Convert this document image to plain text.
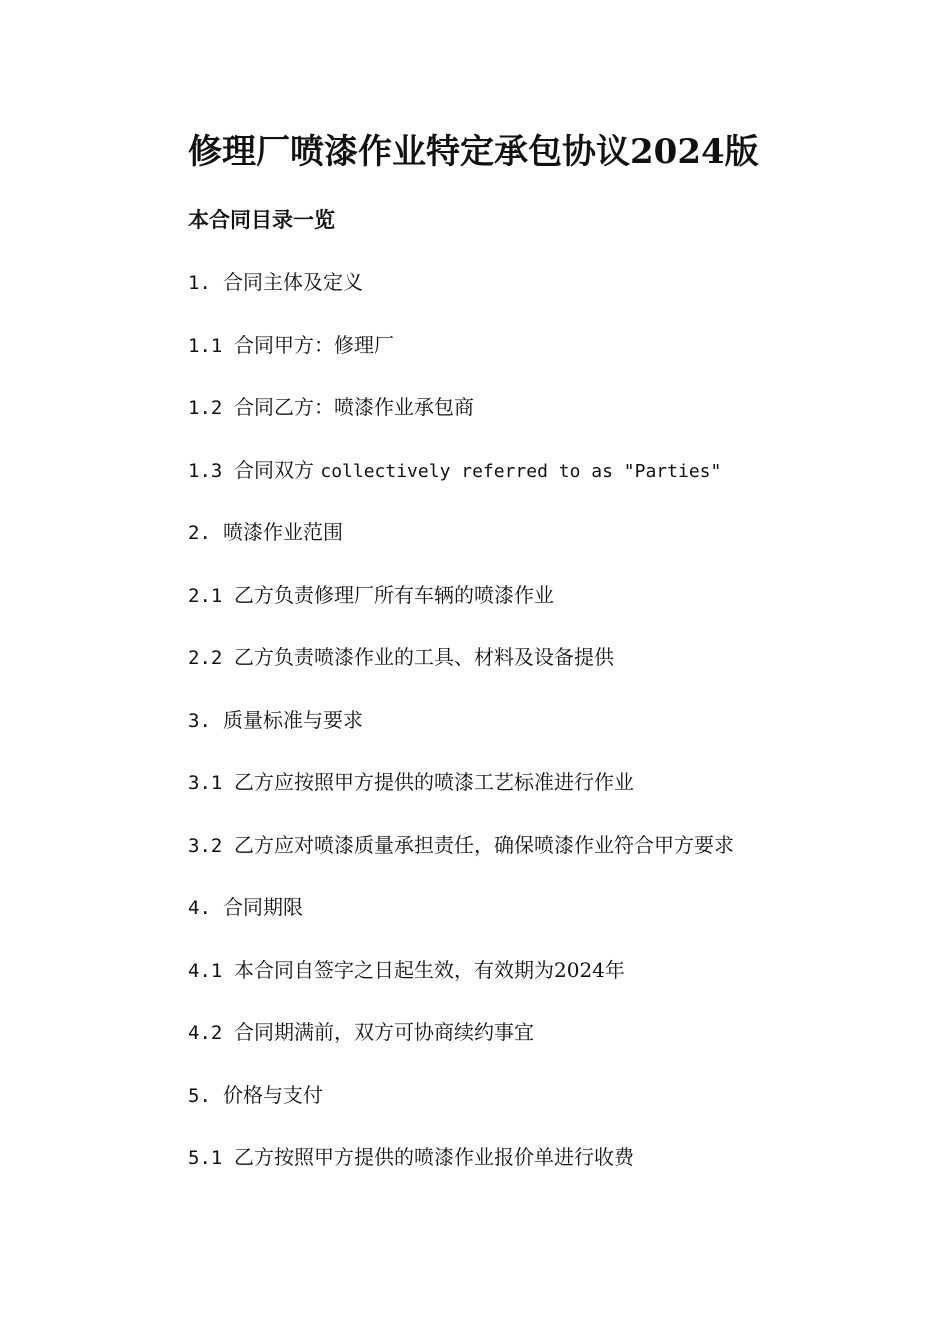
修理厂喷漆作业特定承包协议2024版
本合同目录一览
1. 合同主体及定义
1.1 合同甲方：修理厂
1.2 合同乙方：喷漆作业承包商
1.3 合同双方 collectively referred to as "Parties"
2. 喷漆作业范围
2.1 乙方负责修理厂所有车辆的喷漆作业
2.2 乙方负责喷漆作业的工具、材料及设备提供
3. 质量标准与要求
3.1 乙方应按照甲方提供的喷漆工艺标准进行作业
3.2 乙方应对喷漆质量承担责任，确保喷漆作业符合甲方要求
4. 合同期限
4.1 本合同自签字之日起生效，有效期为2024年
4.2 合同期满前，双方可协商续约事宜
5. 价格与支付
5.1 乙方按照甲方提供的喷漆作业报价单进行收费
